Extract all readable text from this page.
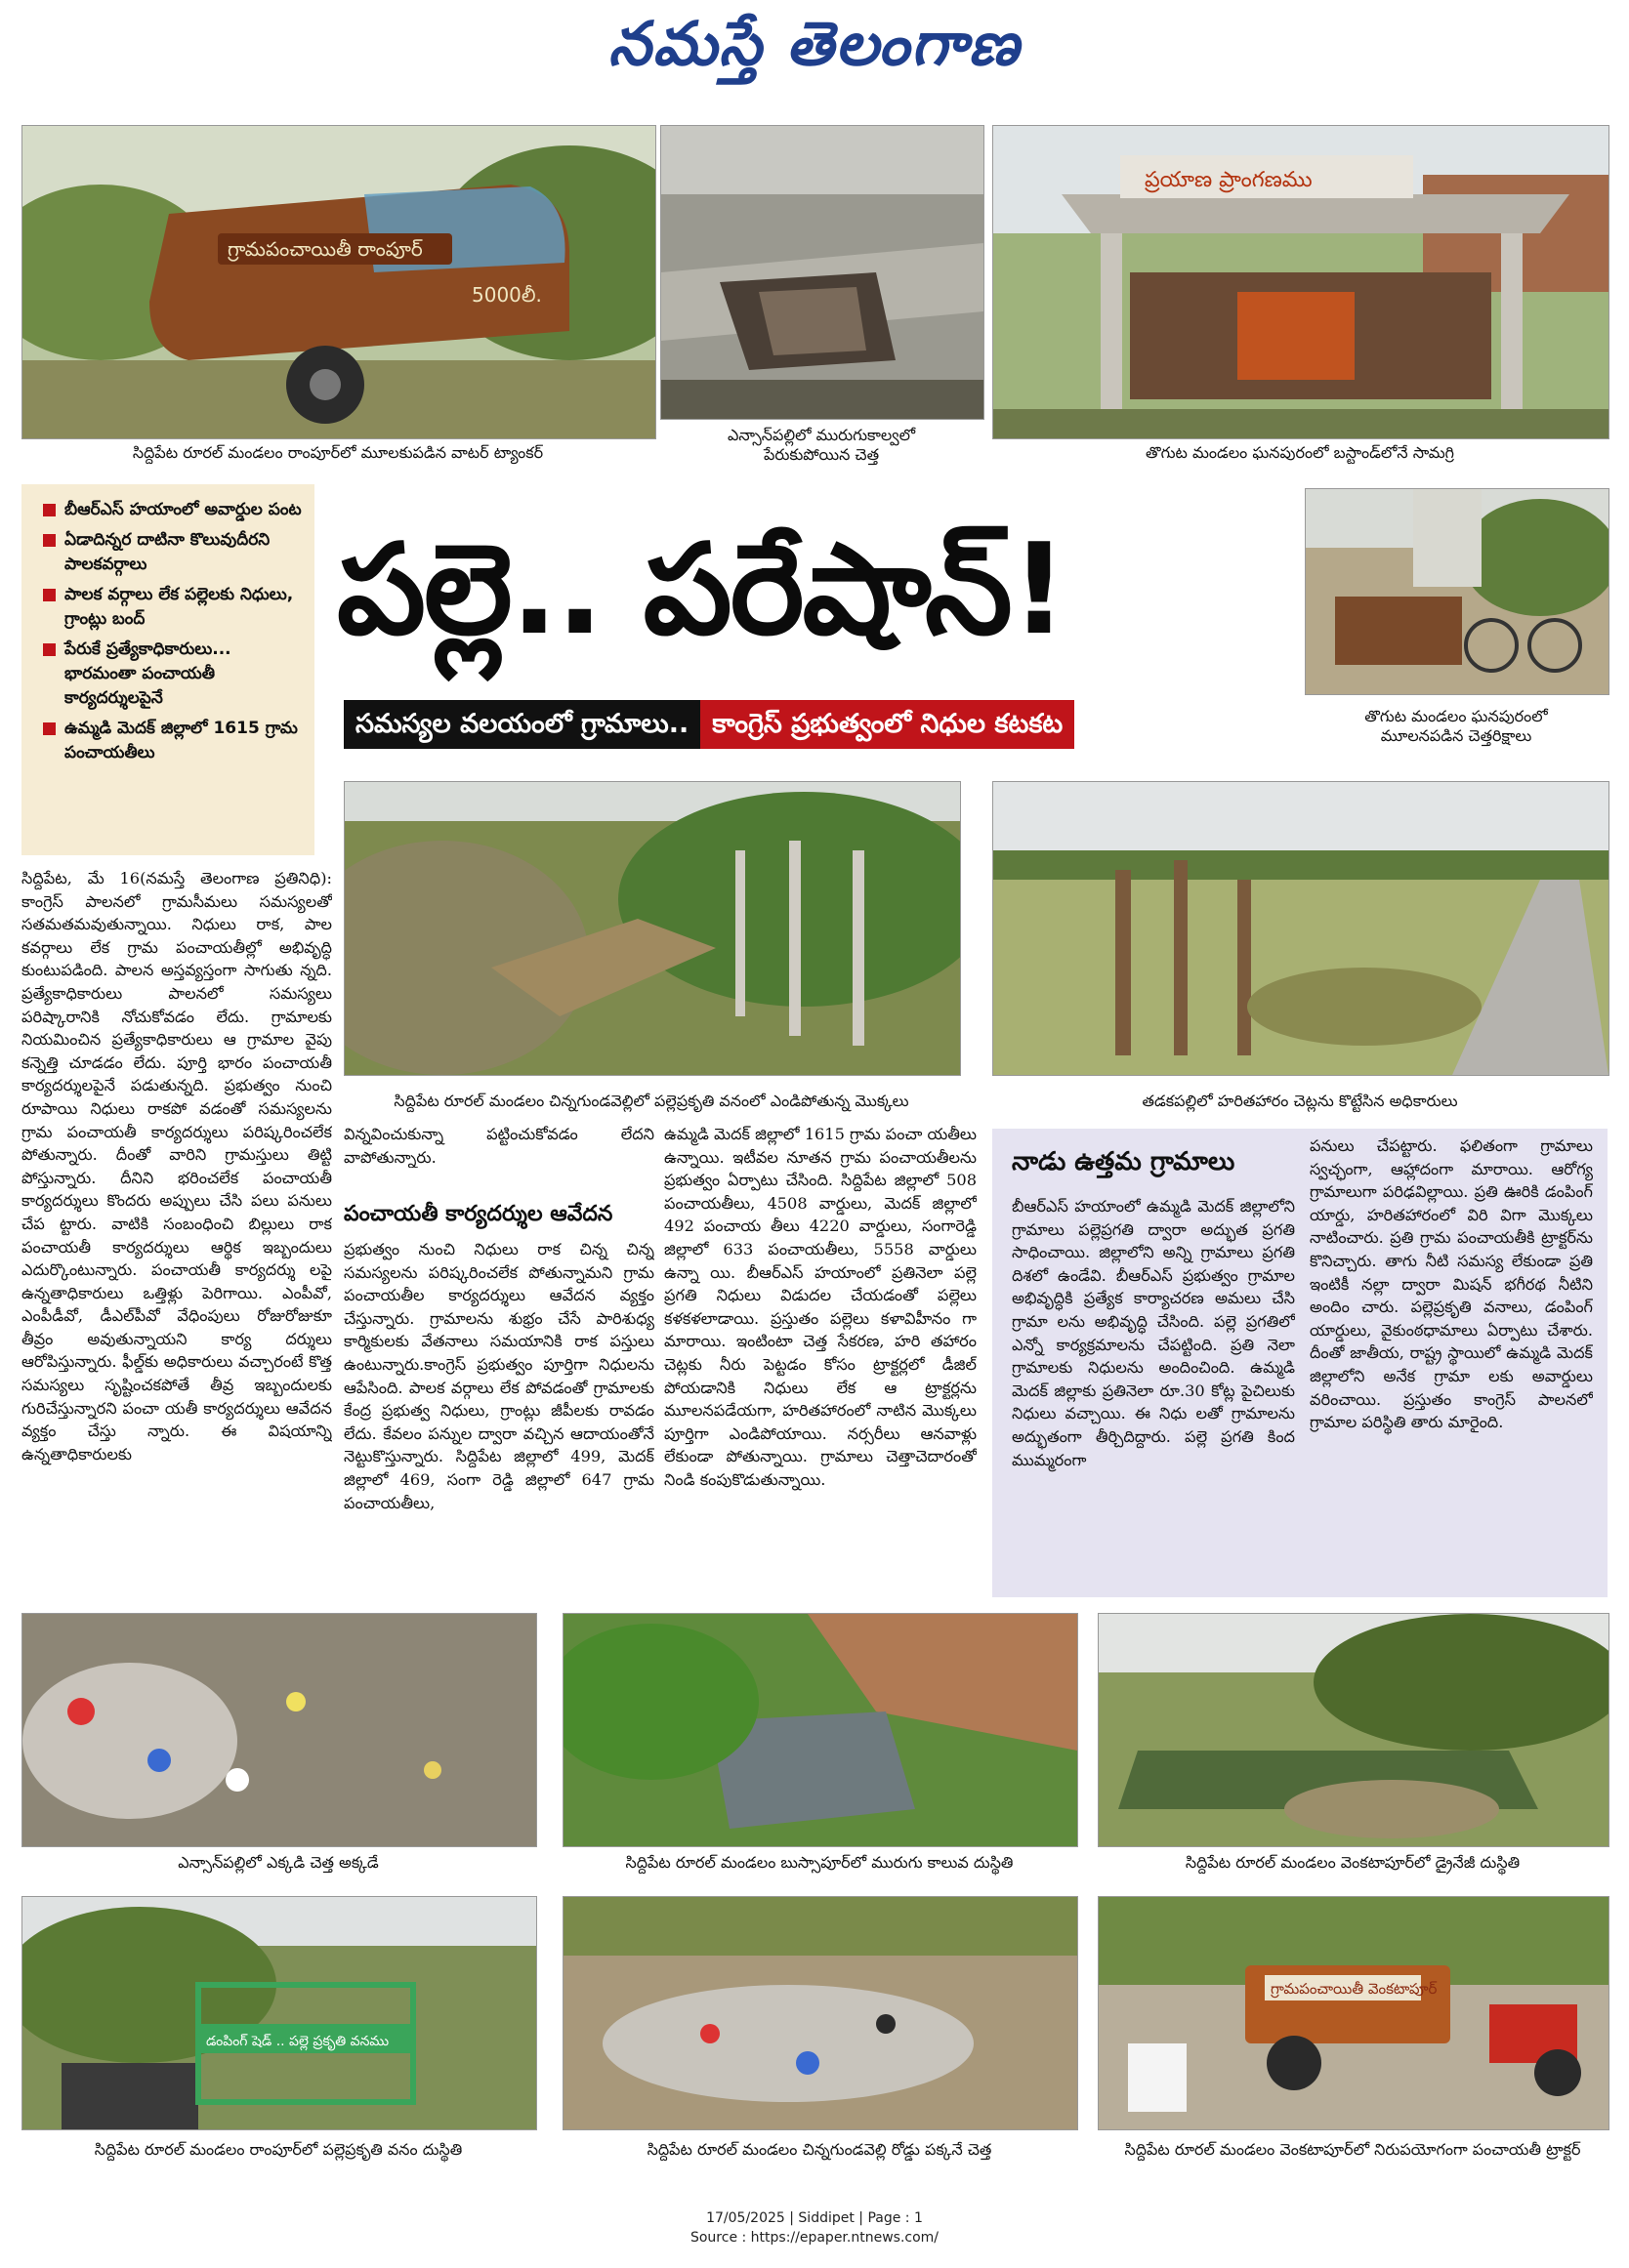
నమస్తే తెలంగాణ
గ్రామపంచాయితీ రాంపూర్
5000లీ.
సిద్దిపేట రూరల్‌ మండలం రాంపూర్‌లో మూలకుపడిన వాటర్‌ ట్యాంకర్‌
ఎన్సాన్‌పల్లిలో మురుగుకాల్వలో
పేరుకుపోయిన చెత్త
ప్రయాణ ప్రాంగణము
తొగుట మండలం ఘనపురంలో బస్టాండ్‌లోనే సామగ్రి
బీఆర్‌ఎస్‌ హయాంలో అవార్డుల పంట
ఏడాదిన్నర దాటినా కొలువుదీరని పాలకవర్గాలు
పాలక వర్గాలు లేక పల్లెలకు నిధులు, గ్రాంట్లు బంద్‌
పేరుకే ప్రత్యేకాధికారులు... భారమంతా పంచాయతీ కార్యదర్శులపైనే
ఉమ్మడి మెదక్‌ జిల్లాలో 1615 గ్రామ పంచాయతీలు
పల్లె.. పరేషాన్‌!
సమస్యల వలయంలో గ్రామాలు.. కాంగ్రెస్‌ ప్రభుత్వంలో నిధుల కటకట	తొగుట మండలం ఘనపురంలో
మూలనపడిన చెత్తరిక్షాలు
సిద్దిపేట రూరల్‌ మండలం చిన్నగుండవెల్లిలో పల్లెప్రకృతి వనంలో ఎండిపోతున్న మొక్కలు	తడకపల్లిలో హరితహారం చెట్లను కొట్టేసిన అధికారులు

సిద్దిపేట, మే 16(నమస్తే తెలంగాణ ప్రతినిధి): కాంగ్రెస్‌ పాలనలో గ్రామసీమలు సమస్యలతో సతమతమవుతున్నాయి. నిధులు రాక, పాల కవర్గాలు లేక గ్రామ పంచాయతీల్లో అభివృద్ధి కుంటుపడింది. పాలన అస్తవ్యస్తంగా సాగుతు న్నది. ప్రత్యేకాధికారులు పాలనలో సమస్యలు పరిష్కారానికి నోచుకోవడం లేదు. గ్రామాలకు నియమించిన ప్రత్యేకాధికారులు ఆ గ్రామాల వైపు కన్నెత్తి చూడడం లేదు. పూర్తి భారం పంచాయతీ కార్యదర్శులపైనే పడుతున్నది. ప్రభుత్వం నుంచి రూపాయి నిధులు రాకపో వడంతో సమస్యలను గ్రామ పంచాయతీ కార్యదర్శులు పరిష్కరించలేక పోతున్నారు. దీంతో వారిని గ్రామస్తులు తిట్టి పోస్తున్నారు. దీనిని భరించలేక పంచాయతీ కార్యదర్శులు కొందరు అప్పులు చేసి పలు పనులు చేప ట్టారు. వాటికి సంబంధించి బిల్లులు రాక పంచాయతీ కార్యదర్శులు ఆర్థిక ఇబ్బందులు ఎదుర్కొంటున్నారు. పంచాయతీ కార్యదర్శు లపై ఉన్నతాధికారులు ఒత్తిళ్లు పెరిగాయి. ఎంపీవో, ఎంపీడీవో, డీఎల్‌పీవో వేధింపులు రోజురోజుకూ తీవ్రం అవుతున్నాయని కార్య దర్శులు ఆరోపిస్తున్నారు. ఫీల్డ్‌కు అధికారులు వచ్చారంటే కొత్త సమస్యలు సృష్టించకపోతే తీవ్ర ఇబ్బందులకు గురిచేస్తున్నారని పంచా యతీ కార్యదర్శులు ఆవేదన వ్యక్తం చేస్తు న్నారు. ఈ విషయాన్ని ఉన్నతాధికారులకు

విన్నవించుకున్నా పట్టించుకోవడం లేదని వాపోతున్నారు.

పంచాయతీ కార్యదర్శుల ఆవేదన

ప్రభుత్వం నుంచి నిధులు రాక చిన్న చిన్న సమస్యలను పరిష్కరించలేక పోతున్నామని గ్రామ పంచాయతీల కార్యదర్శులు ఆవేదన వ్యక్తం చేస్తున్నారు. గ్రామాలను శుభ్రం చేసే పారిశుధ్య కార్మికులకు వేతనాలు సమయానికి రాక పస్తులు ఉంటున్నారు.కాంగ్రెస్‌ ప్రభుత్వం పూర్తిగా నిధులను ఆపేసింది. పాలక వర్గాలు లేక పోవడంతో గ్రామాలకు కేంద్ర ప్రభుత్వ నిధులు, గ్రాంట్లు జీపీలకు రావడం లేదు. కేవలం పన్నుల ద్వారా వచ్చిన ఆదాయంతోనే నెట్టుకొస్తున్నారు. సిద్దిపేట జిల్లాలో 499, మెదక్‌ జిల్లాలో 469, సంగా రెడ్డి జిల్లాలో 647 గ్రామ పంచాయతీలు,

ఉమ్మడి మెదక్‌ జిల్లాలో 1615 గ్రామ పంచా యతీలు ఉన్నాయి. ఇటీవల నూతన గ్రామ పంచాయతీలను ప్రభుత్వం ఏర్పాటు చేసింది. సిద్దిపేట జిల్లాలో 508 పంచాయతీలు, 4508 వార్డులు, మెదక్‌ జిల్లాలో 492 పంచాయ తీలు 4220 వార్డులు, సంగారెడ్డి జిల్లాలో 633 పంచాయతీలు, 5558 వార్డులు ఉన్నా యి. బీఆర్‌ఎస్‌ హయాంలో ప్రతినెలా పల్లె ప్రగతి నిధులు విడుదల చేయడంతో పల్లెలు కళకళలాడాయి. ప్రస్తుతం పల్లెలు కళావిహీనం గా మారాయి. ఇంటింటా చెత్త సేకరణ, హరి తహారం చెట్లకు నీరు పెట్టడం కోసం ట్రాక్టర్లలో డీజిల్‌ పోయడానికి నిధులు లేక ఆ ట్రాక్టర్లను మూలనపడేయగా, హరితహారంలో నాటిన మొక్కలు పూర్తిగా ఎండిపోయాయి. నర్సరీలు ఆనవాళ్లు లేకుండా పోతున్నాయి. గ్రామాలు చెత్తాచెదారంతో నిండి కంపుకొడుతున్నాయి.

నాడు ఉత్తమ గ్రామాలు

బీఆర్‌ఎస్‌ హయాంలో ఉమ్మడి మెదక్‌ జిల్లాలోని గ్రామాలు పల్లెప్రగతి ద్వారా అద్భుత ప్రగతి సాధించాయి. జిల్లాలోని అన్ని గ్రామాలు ప్రగతి దిశలో ఉండేవి. బీఆర్‌ఎస్‌ ప్రభుత్వం గ్రామాల అభివృద్ధికి ప్రత్యేక కార్యాచరణ అమలు చేసి గ్రామా లను అభివృద్ధి చేసింది. పల్లె ప్రగతిలో ఎన్నో కార్యక్రమాలను చేపట్టింది. ప్రతి నెలా గ్రామాలకు నిధులను అందించింది. ఉమ్మడి మెదక్‌ జిల్లాకు ప్రతినెలా రూ.30 కోట్ల పైచిలుకు నిధులు వచ్చాయి. ఈ నిధు లతో గ్రామాలను అద్భుతంగా తీర్చిదిద్దారు. పల్లె ప్రగతి కింద ముమ్మరంగా

పనులు చేపట్టారు. ఫలితంగా గ్రామాలు స్వచ్ఛంగా, ఆహ్లాదంగా మారాయి. ఆరోగ్య గ్రామాలుగా పరిఢవిల్లాయి. ప్రతి ఊరికి డంపింగ్‌ యార్డు, హరితహారంలో విరి విగా మొక్కలు నాటించారు. ప్రతి గ్రామ పంచాయతీకి ట్రాక్టర్‌ను కొనిచ్చారు. తాగు నీటి సమస్య లేకుండా ప్రతి ఇంటికీ నల్లా ద్వారా మిషన్‌ భగీరథ నీటిని అందిం చారు. పల్లెప్రకృతి వనాలు, డంపింగ్‌ యార్డులు, వైకుంఠధామాలు ఏర్పాటు చేశారు. దీంతో జాతీయ, రాష్ట్ర స్థాయిలో ఉమ్మడి మెదక్‌ జిల్లాలోని అనేక గ్రామా లకు అవార్డులు వరించాయి. ప్రస్తుతం కాంగ్రెస్‌ పాలనలో గ్రామాల పరిస్థితి తారు మారైంది.

ఎన్సాన్‌పల్లిలో ఎక్కడి చెత్త అక్కడే	సిద్దిపేట రూరల్‌ మండలం బుస్సాపూర్‌లో మురుగు కాలువ దుస్థితి	సిద్దిపేట రూరల్‌ మండలం వెంకటాపూర్‌లో డ్రైనేజీ దుస్థితి
డంపింగ్ షెడ్ .. పల్లె ప్రకృతి వనము
సిద్దిపేట రూరల్‌ మండలం రాంపూర్‌లో పల్లెప్రకృతి వనం దుస్థితి	సిద్దిపేట రూరల్‌ మండలం చిన్నగుండవెల్లి రోడ్డు పక్కనే చెత్త
గ్రామపంచాయితీ వెంకటాపూర్
సిద్దిపేట రూరల్‌ మండలం వెంకటాపూర్‌లో నిరుపయోగంగా పంచాయతీ ట్రాక్టర్‌
17/05/2025 | Siddipet | Page : 1
Source : https://epaper.ntnews.com/
